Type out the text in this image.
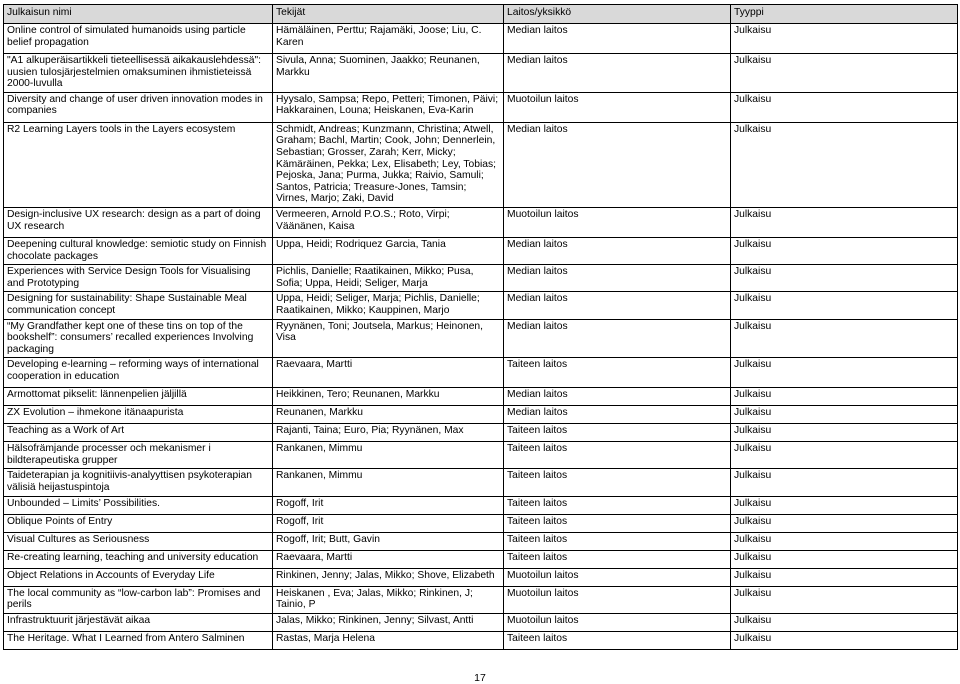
Julkaisun nimi	Tekijät	Laitos/yksikkö	Tyyppi
Online control of simulated humanoids using particle belief propagation	Hämäläinen, Perttu; Rajamäki, Joose; Liu, C. Karen	Median laitos	Julkaisu
"A1 alkuperäisartikkeli tieteellisessä aikakauslehdessä": uusien tulosjärjestelmien omaksuminen ihmistieteissä 2000-luvulla	Sivula, Anna; Suominen, Jaakko; Reunanen, Markku	Median laitos	Julkaisu
Diversity and change of user driven innovation modes in companies	Hyysalo, Sampsa; Repo, Petteri; Timonen, Päivi; Hakkarainen, Louna; Heiskanen, Eva-Karin	Muotoilun laitos	Julkaisu
R2 Learning Layers tools in the Layers ecosystem	Schmidt, Andreas; Kunzmann, Christina; Atwell, Graham; Bachl, Martin; Cook, John; Dennerlein, Sebastian; Grosser, Zarah; Kerr, Micky; Kämäräinen, Pekka; Lex, Elisabeth; Ley, Tobias; Pejoska, Jana; Purma, Jukka; Raivio, Samuli; Santos, Patricia; Treasure-Jones, Tamsin; Virnes, Marjo; Zaki, David	Median laitos	Julkaisu
Design-inclusive UX research: design as a part of doing UX research	Vermeeren, Arnold P.O.S.; Roto, Virpi; Väänänen, Kaisa	Muotoilun laitos	Julkaisu
Deepening cultural knowledge: semiotic study on Finnish chocolate packages	Uppa, Heidi; Rodriquez Garcia, Tania	Median laitos	Julkaisu
Experiences with Service Design Tools for Visualising and Prototyping	Pichlis, Danielle; Raatikainen, Mikko; Pusa, Sofia; Uppa, Heidi; Seliger, Marja	Median laitos	Julkaisu
Designing for sustainability: Shape Sustainable Meal communication concept	Uppa, Heidi; Seliger, Marja; Pichlis, Danielle; Raatikainen, Mikko; Kauppinen, Marjo	Median laitos	Julkaisu
“My Grandfather kept one of these tins on top of the bookshelf”: consumers’ recalled experiences Involving packaging	Ryynänen, Toni; Joutsela, Markus; Heinonen, Visa	Median laitos	Julkaisu
Developing e-learning – reforming ways of international cooperation in education	Raevaara, Martti	Taiteen laitos	Julkaisu
Armottomat pikselit: lännenpelien jäljillä	Heikkinen, Tero; Reunanen, Markku	Median laitos	Julkaisu
ZX Evolution – ihmekone itänaapurista	Reunanen, Markku	Median laitos	Julkaisu
Teaching as a Work of Art	Rajanti, Taina; Euro, Pia; Ryynänen, Max	Taiteen laitos	Julkaisu
Hälsofrämjande processer och mekanismer i bildterapeutiska grupper	Rankanen, Mimmu	Taiteen laitos	Julkaisu
Taideterapian ja kognitiivis-analyyttisen psykoterapian välisiä heijastuspintoja	Rankanen, Mimmu	Taiteen laitos	Julkaisu
Unbounded – Limits’ Possibilities.	Rogoff, Irit	Taiteen laitos	Julkaisu
Oblique Points of Entry	Rogoff, Irit	Taiteen laitos	Julkaisu
Visual Cultures as Seriousness	Rogoff, Irit; Butt, Gavin	Taiteen laitos	Julkaisu
Re-creating learning, teaching and university education	Raevaara, Martti	Taiteen laitos	Julkaisu
Object Relations in Accounts of Everyday Life	Rinkinen, Jenny; Jalas, Mikko; Shove, Elizabeth	Muotoilun laitos	Julkaisu
The local community as “low-carbon lab”: Promises and perils	Heiskanen , Eva; Jalas, Mikko; Rinkinen, J; Tainio, P	Muotoilun laitos	Julkaisu
Infrastruktuurit järjestävät aikaa	Jalas, Mikko; Rinkinen, Jenny; Silvast, Antti	Muotoilun laitos	Julkaisu
The Heritage. What I Learned from Antero Salminen	Rastas, Marja Helena	Taiteen laitos	Julkaisu
17
